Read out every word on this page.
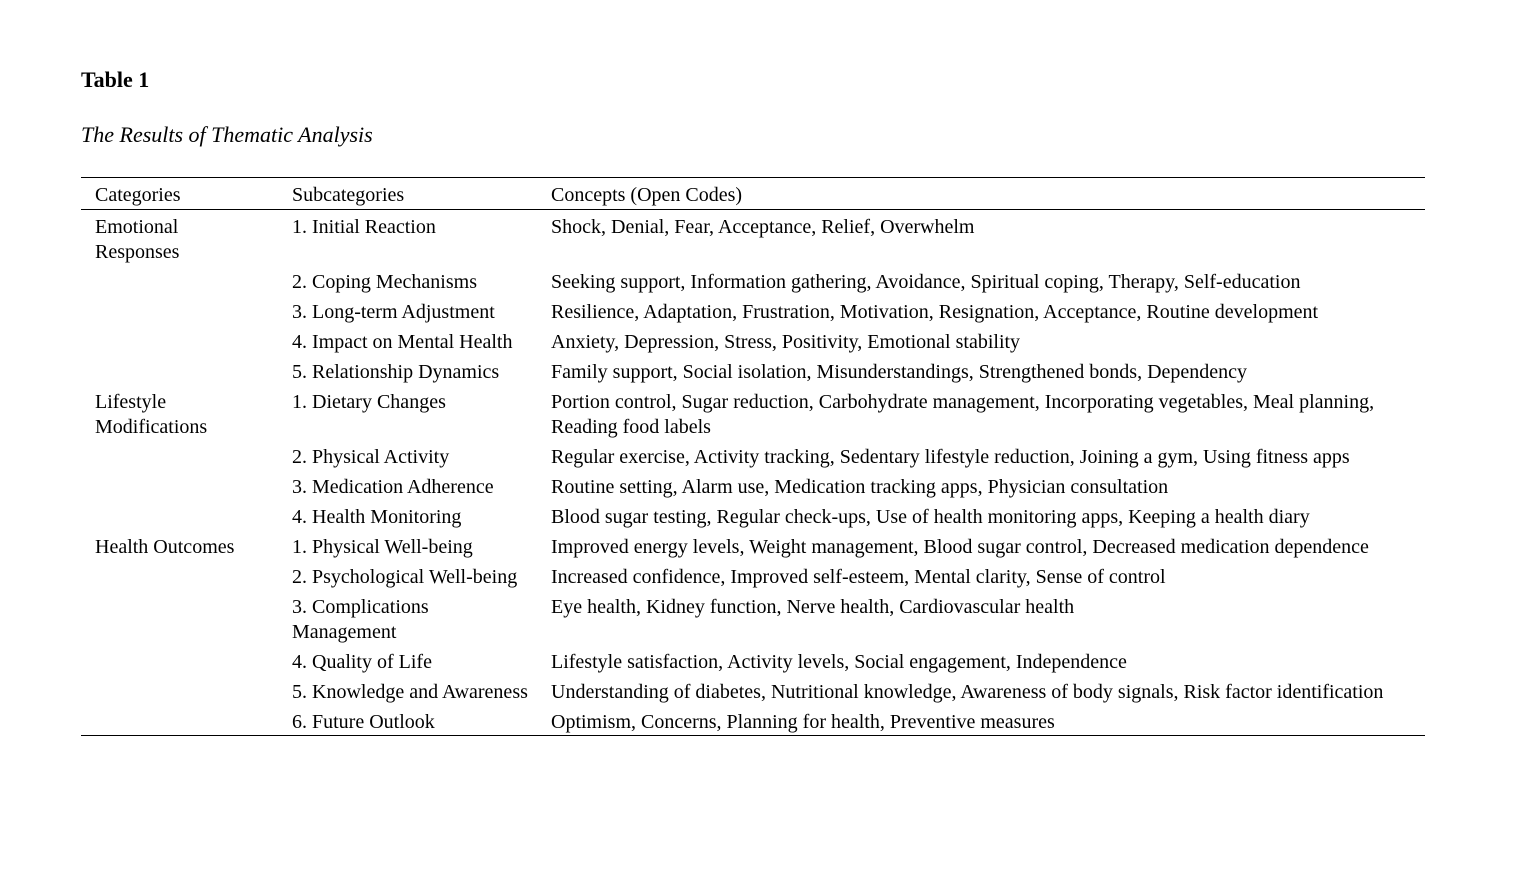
Table 1
The Results of Thematic Analysis
Categories	Subcategories	Concepts (Open Codes)
Emotional Responses	1. Initial Reaction	Shock, Denial, Fear, Acceptance, Relief, Overwhelm
	2. Coping Mechanisms	Seeking support, Information gathering, Avoidance, Spiritual coping, Therapy, Self-education
	3. Long-term Adjustment	Resilience, Adaptation, Frustration, Motivation, Resignation, Acceptance, Routine development
	4. Impact on Mental Health	Anxiety, Depression, Stress, Positivity, Emotional stability
	5. Relationship Dynamics	Family support, Social isolation, Misunderstandings, Strengthened bonds, Dependency
Lifestyle Modifications	1. Dietary Changes	Portion control, Sugar reduction, Carbohydrate management, Incorporating vegetables, Meal planning, Reading food labels
	2. Physical Activity	Regular exercise, Activity tracking, Sedentary lifestyle reduction, Joining a gym, Using fitness apps
	3. Medication Adherence	Routine setting, Alarm use, Medication tracking apps, Physician consultation
	4. Health Monitoring	Blood sugar testing, Regular check-ups, Use of health monitoring apps, Keeping a health diary
Health Outcomes	1. Physical Well-being	Improved energy levels, Weight management, Blood sugar control, Decreased medication dependence
	2. Psychological Well-being	Increased confidence, Improved self-esteem, Mental clarity, Sense of control
	3. Complications Management	Eye health, Kidney function, Nerve health, Cardiovascular health
	4. Quality of Life	Lifestyle satisfaction, Activity levels, Social engagement, Independence
	5. Knowledge and Awareness	Understanding of diabetes, Nutritional knowledge, Awareness of body signals, Risk factor identification
	6. Future Outlook	Optimism, Concerns, Planning for health, Preventive measures
